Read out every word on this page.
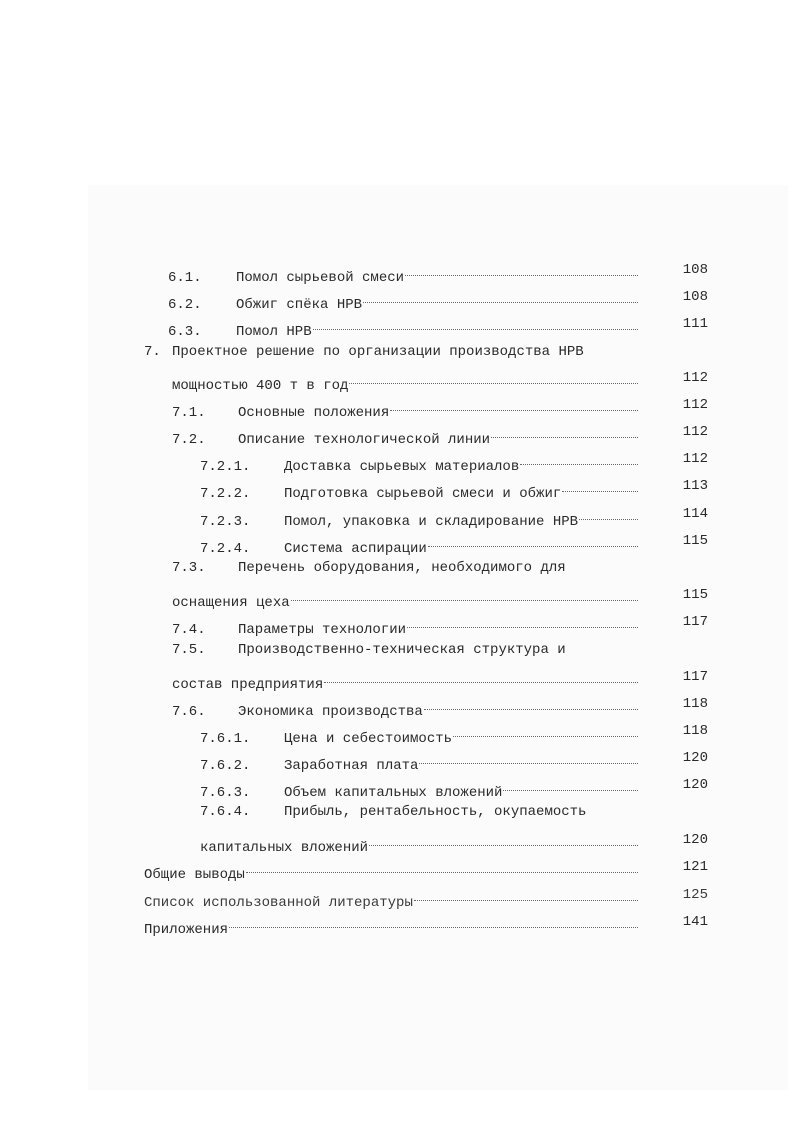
6.1.	Помол сырьевой смеси	108
6.2.	Обжиг спёка НРВ	108
6.3.	Помол НРВ	111
7. Проектное решение по организации производства НРВ
мощностью 400 т в год	112
7.1.	Основные положения	112
7.2.	Описание технологической линии	112
7.2.1.	Доставка сырьевых материалов	112
7.2.2.	Подготовка сырьевой смеси и обжиг	113
7.2.3.	Помол, упаковка и складирование НРВ	114
7.2.4.	Система аспирации	115
7.3.	Перечень оборудования, необходимого для
оснащения цеха	115
7.4.	Параметры технологии	117
7.5.	Производственно-техническая структура и
состав предприятия	117
7.6.	Экономика производства	118
7.6.1.	Цена и себестоимость	118
7.6.2.	Заработная плата	120
7.6.3.	Объем капитальных вложений	120
7.6.4.	Прибыль, рентабельность, окупаемость
капитальных вложений	120
Общие выводы	121
Список использованной литературы	125
Приложения	141
